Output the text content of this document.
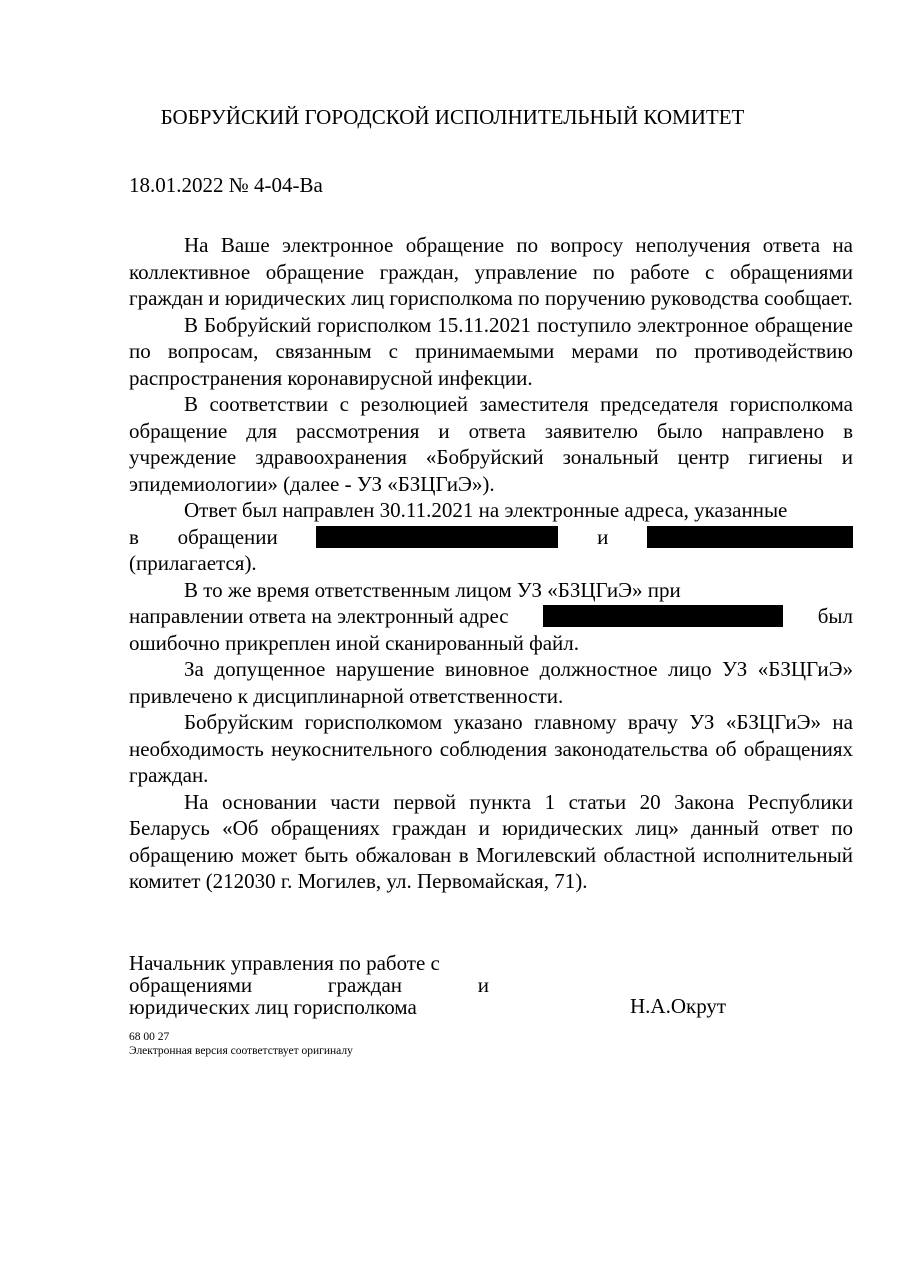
БОБРУЙСКИЙ ГОРОДСКОЙ ИСПОЛНИТЕЛЬНЫЙ КОМИТЕТ
18.01.2022 № 4-04-Ва

На Ваше электронное обращение по вопросу неполучения ответа на коллективное обращение граждан, управление по работе с обращениями граждан и юридических лиц горисполкома по поручению руководства сообщает.

В Бобруйский горисполком 15.11.2021 поступило электронное обращение по вопросам, связанным с принимаемыми мерами по противодействию распространения коронавирусной инфекции.

В соответствии с резолюцией заместителя председателя горисполкома обращение для рассмотрения и ответа заявителю было направлено в учреждение здравоохранения «Бобруйский зональный центр гигиены и эпидемиологии» (далее - УЗ «БЗЦГиЭ»).

Ответ был направлен 30.11.2021 на электронные адреса, указанные

в обращении	и
(прилагается).

В то же время ответственным лицом УЗ «БЗЦГиЭ» при

направлении ответа на электронный адрес	был
ошибочно прикреплен иной сканированный файл.

За допущенное нарушение виновное должностное лицо УЗ «БЗЦГиЭ» привлечено к дисциплинарной ответственности.

Бобруйским горисполкомом указано главному врачу УЗ «БЗЦГиЭ» на необходимость неукоснительного соблюдения законодательства об обращениях граждан.

На основании части первой пункта 1 статьи 20 Закона Республики Беларусь «Об обращениях граждан и юридических лиц» данный ответ по обращению может быть обжалован в Могилевский областной исполнительный комитет (212030 г. Могилев, ул. Первомайская, 71).

Начальник управления по работе с
обращениями	граждан	и
юридических лиц горисполкома	Н.А.Окрут
68 00 27
Электронная версия соответствует оригиналу
